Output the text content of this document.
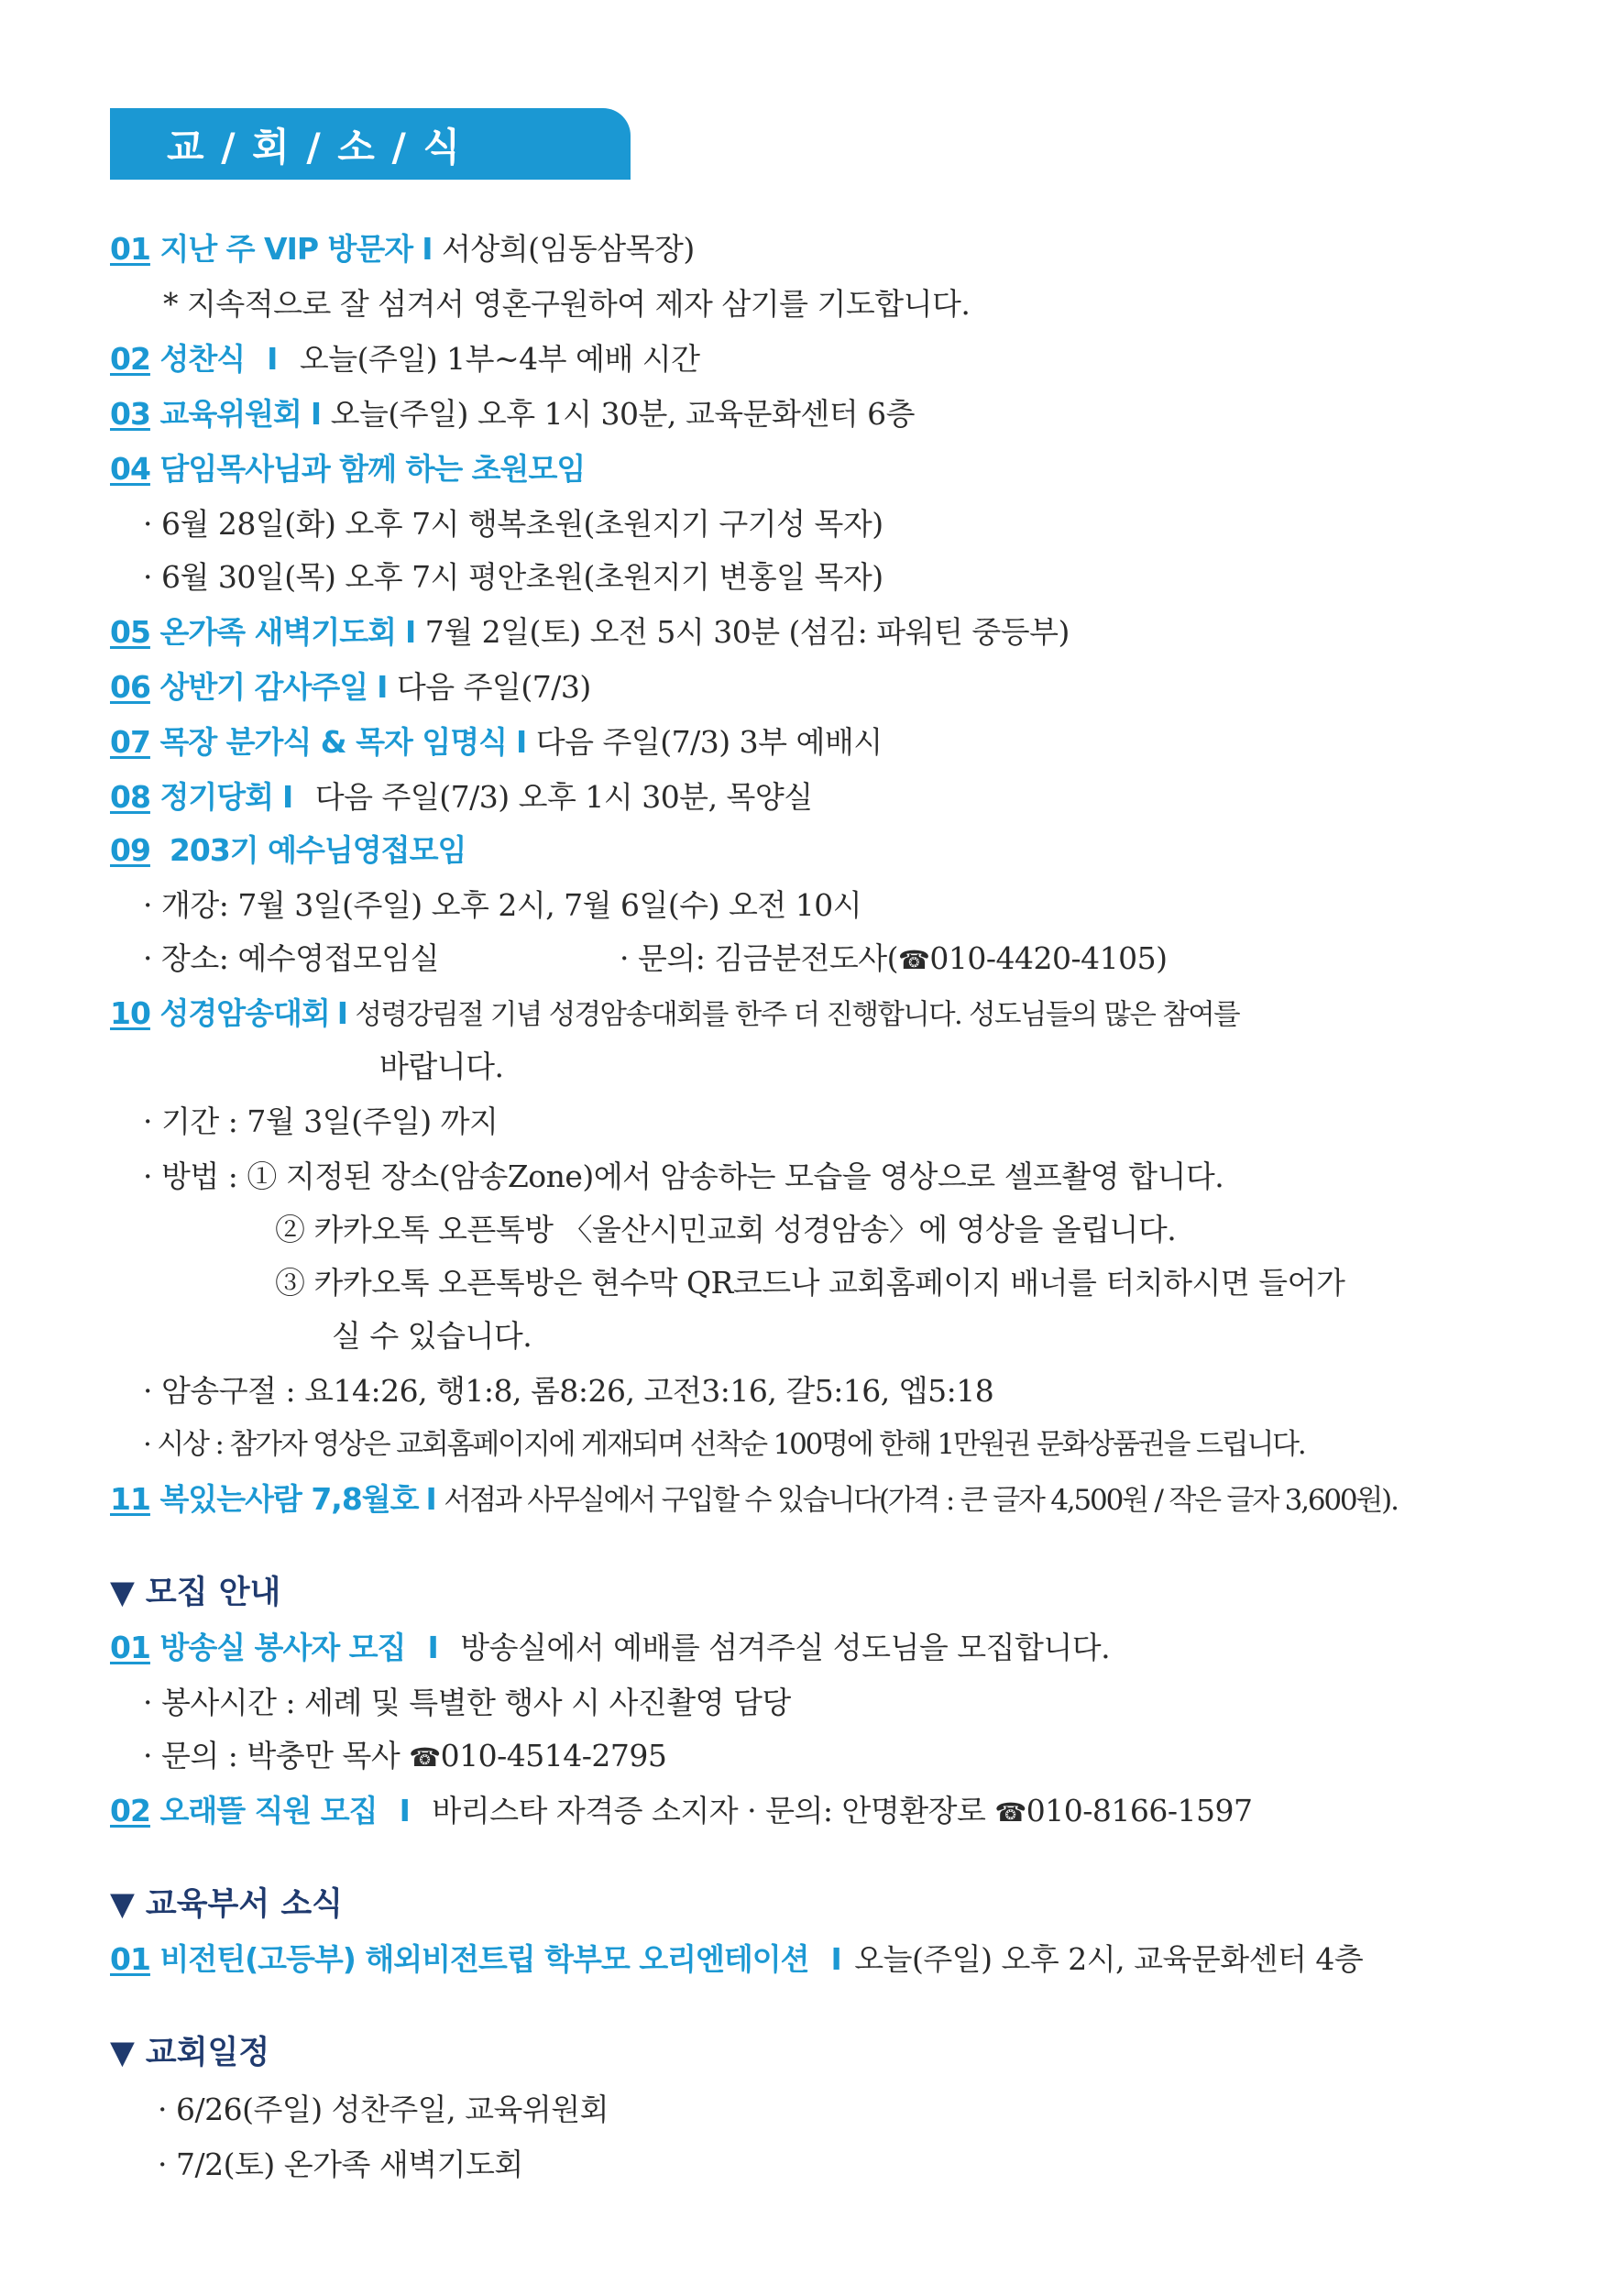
교 / 회 / 소 / 식
01 지난 주 VIP 방문자 I 서상희(임동삼목장)
* 지속적으로 잘 섬겨서 영혼구원하여 제자 삼기를 기도합니다.
02 성찬식 I 오늘(주일) 1부~4부 예배 시간
03 교육위원회 I 오늘(주일) 오후 1시 30분, 교육문화센터 6층
04 담임목사님과 함께 하는 초원모임
· 6월 28일(화) 오후 7시 행복초원(초원지기 구기성 목자)
· 6월 30일(목) 오후 7시 평안초원(초원지기 변홍일 목자)
05 온가족 새벽기도회 I 7월 2일(토) 오전 5시 30분 (섬김: 파워틴 중등부)
06 상반기 감사주일 I 다음 주일(7/3)
07 목장 분가식 & 목자 임명식 I 다음 주일(7/3) 3부 예배시
08 정기당회 I 다음 주일(7/3) 오후 1시 30분, 목양실
09 203기 예수님영접모임
· 개강: 7월 3일(주일) 오후 2시, 7월 6일(수) 오전 10시
· 장소: 예수영접모임실	· 문의: 김금분전도사(☎010-4420-4105)
10 성경암송대회 I 성령강림절 기념 성경암송대회를 한주 더 진행합니다. 성도님들의 많은 참여를
바랍니다.
· 기간 : 7월 3일(주일) 까지
· 방법 : ① 지정된 장소(암송Zone)에서 암송하는 모습을 영상으로 셀프촬영 합니다.
② 카카오톡 오픈톡방 〈울산시민교회 성경암송〉에 영상을 올립니다.
③ 카카오톡 오픈톡방은 현수막 QR코드나 교회홈페이지 배너를 터치하시면 들어가
실 수 있습니다.
· 암송구절 : 요14:26, 행1:8, 롬8:26, 고전3:16, 갈5:16, 엡5:18
· 시상 : 참가자 영상은 교회홈페이지에 게재되며 선착순 100명에 한해 1만원권 문화상품권을 드립니다.
11 복있는사람 7,8월호 I 서점과 사무실에서 구입할 수 있습니다(가격 : 큰 글자 4,500원 / 작은 글자 3,600원).
▼ 모집 안내
01 방송실 봉사자 모집 I 방송실에서 예배를 섬겨주실 성도님을 모집합니다.
· 봉사시간 : 세례 및 특별한 행사 시 사진촬영 담당
· 문의 : 박충만 목사 ☎010-4514-2795
02 오래뜰 직원 모집 I 바리스타 자격증 소지자 · 문의: 안명환장로 ☎010-8166-1597
▼ 교육부서 소식
01 비전틴(고등부) 해외비전트립 학부모 오리엔테이션 I 오늘(주일) 오후 2시, 교육문화센터 4층
▼ 교회일정
· 6/26(주일) 성찬주일, 교육위원회
· 7/2(토) 온가족 새벽기도회
